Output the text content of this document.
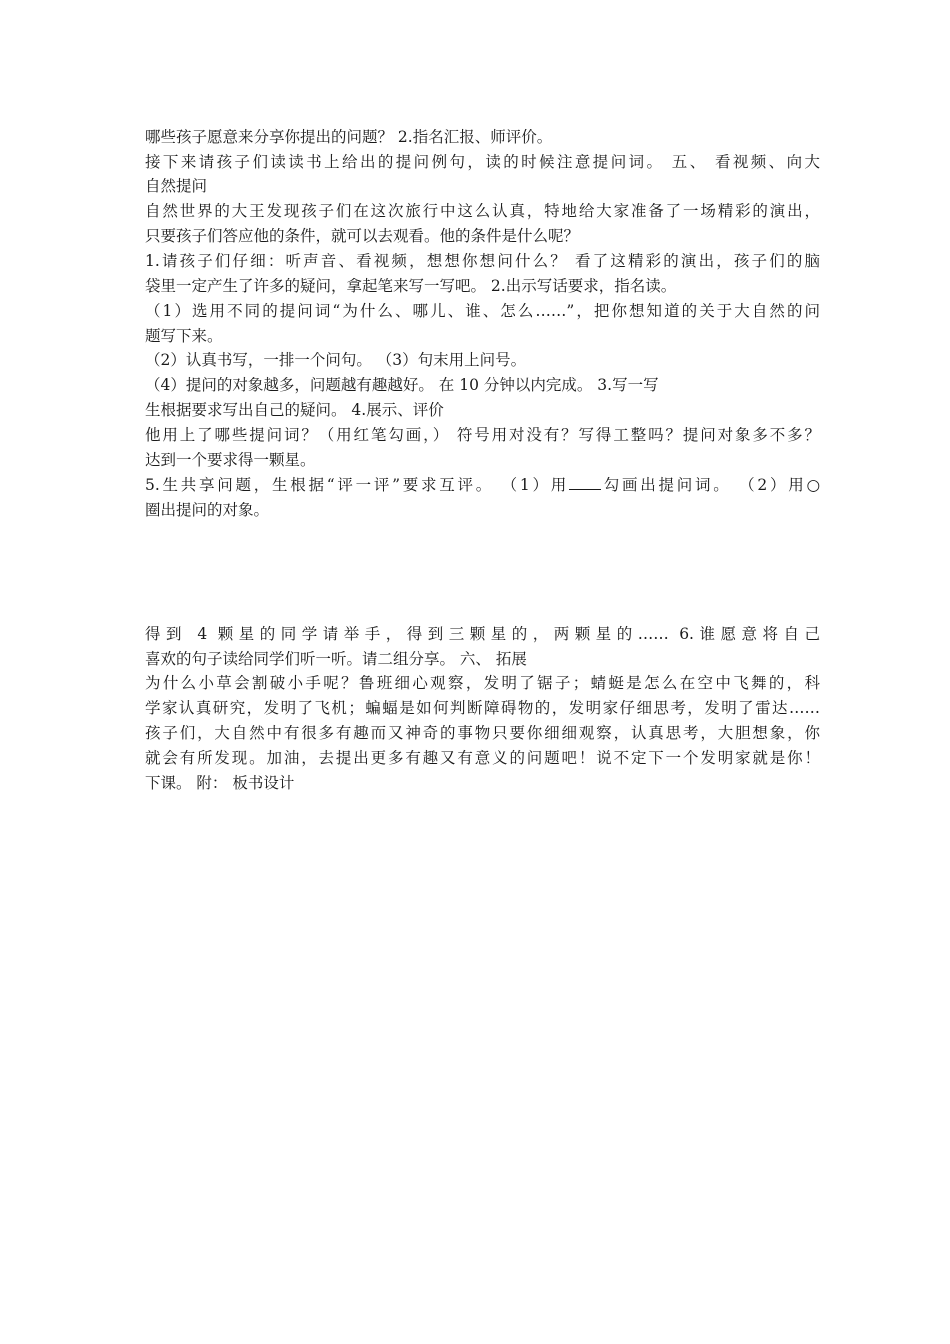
哪些孩子愿意来分享你提出的问题？ 2.指名汇报、师评价。
接下来请孩子们读读书上给出的提问例句，读的时候注意提问词。 五、 看视频、向大
自然提问
自然世界的大王发现孩子们在这次旅行中这么认真，特地给大家准备了一场精彩的演出，
只要孩子们答应他的条件，就可以去观看。他的条件是什么呢？
1.请孩子们仔细：听声音、看视频，想想你想问什么？ 看了这精彩的演出，孩子们的脑
袋里一定产生了许多的疑问，拿起笔来写一写吧。 2.出示写话要求，指名读。
（1）选用不同的提问词“为什么、哪儿、谁、怎么……”，把你想知道的关于大自然的问
题写下来。
（2）认真书写，一排一个问句。 （3）句末用上问号。
（4）提问的对象越多，问题越有趣越好。 在 10 分钟以内完成。 3.写一写
生根据要求写出自己的疑问。 4.展示、评价
他用上了哪些提问词？（用红笔勾画，） 符号用对没有？写得工整吗？提问对象多不多？
达到一个要求得一颗星。
5.生共享问题，生根据“评一评”要求互评。 （1）用 勾画出提问词。 （2）用○
圈出提问的对象。
得到 4 颗星的同学请举手，得到三颗星的，两颗星的…… 6.谁愿意将自己
喜欢的句子读给同学们听一听。请二组分享。 六、 拓展
为什么小草会割破小手呢？鲁班细心观察，发明了锯子；蜻蜓是怎么在空中飞舞的，科
学家认真研究，发明了飞机；蝙蝠是如何判断障碍物的，发明家仔细思考，发明了雷达……
孩子们，大自然中有很多有趣而又神奇的事物只要你细细观察，认真思考，大胆想象，你
就会有所发现。加油，去提出更多有趣又有意义的问题吧！说不定下一个发明家就是你！
下课。 附： 板书设计
